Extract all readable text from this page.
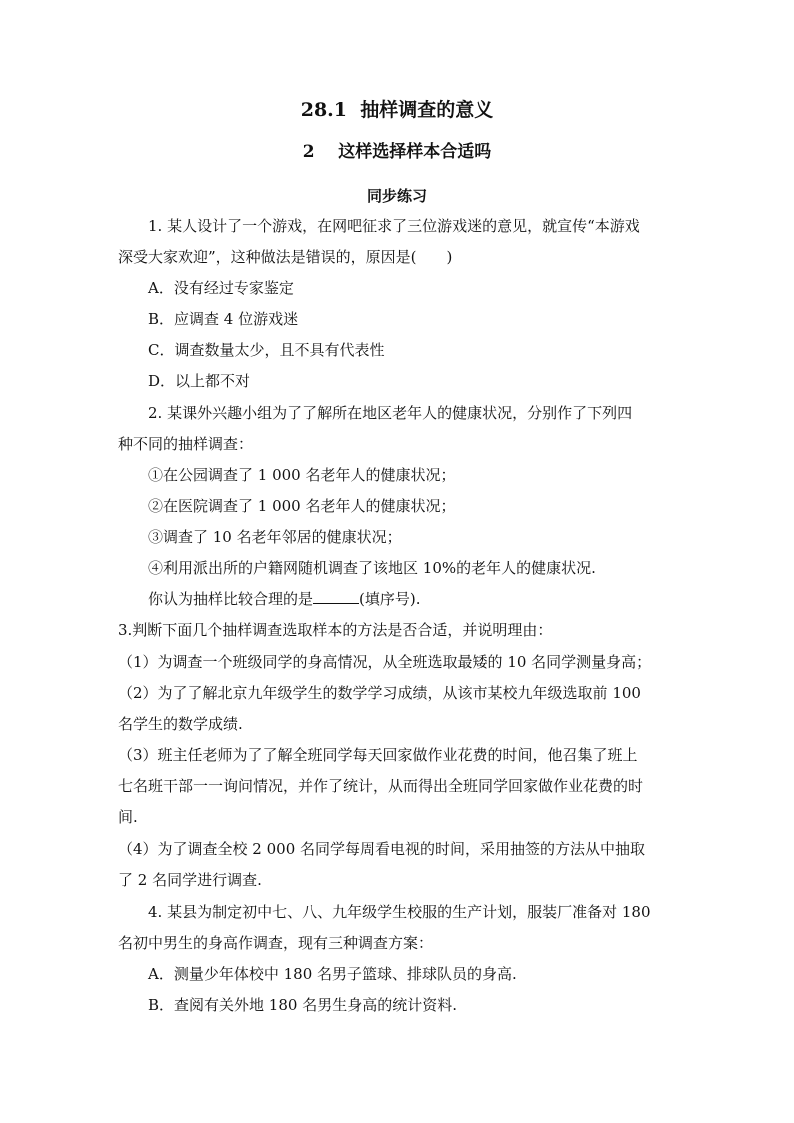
28.1 抽样调查的意义
2 这样选择样本合适吗
同步练习
1. 某人设计了一个游戏，在网吧征求了三位游戏迷的意见，就宣传“本游戏
深受大家欢迎”，这种做法是错误的，原因是(　　)
A．没有经过专家鉴定
B．应调查 4 位游戏迷
C．调查数量太少，且不具有代表性
D．以上都不对
2. 某课外兴趣小组为了了解所在地区老年人的健康状况，分别作了下列四
种不同的抽样调查：
①在公园调查了 1 000 名老年人的健康状况；
②在医院调查了 1 000 名老年人的健康状况；
③调查了 10 名老年邻居的健康状况；
④利用派出所的户籍网随机调查了该地区 10%的老年人的健康状况.
你认为抽样比较合理的是	(填序号).
3.判断下面几个抽样调查选取样本的方法是否合适，并说明理由：
（1）为调查一个班级同学的身高情况，从全班选取最矮的 10 名同学测量身高；
（2）为了了解北京九年级学生的数学学习成绩，从该市某校九年级选取前 100
名学生的数学成绩.
（3）班主任老师为了了解全班同学每天回家做作业花费的时间，他召集了班上
七名班干部一一询问情况，并作了统计，从而得出全班同学回家做作业花费的时
间.
（4）为了调查全校 2 000 名同学每周看电视的时间，采用抽签的方法从中抽取
了 2 名同学进行调查.
4. 某县为制定初中七、八、九年级学生校服的生产计划，服装厂准备对 180
名初中男生的身高作调查，现有三种调查方案：
A．测量少年体校中 180 名男子篮球、排球队员的身高.
B．查阅有关外地 180 名男生身高的统计资料.
